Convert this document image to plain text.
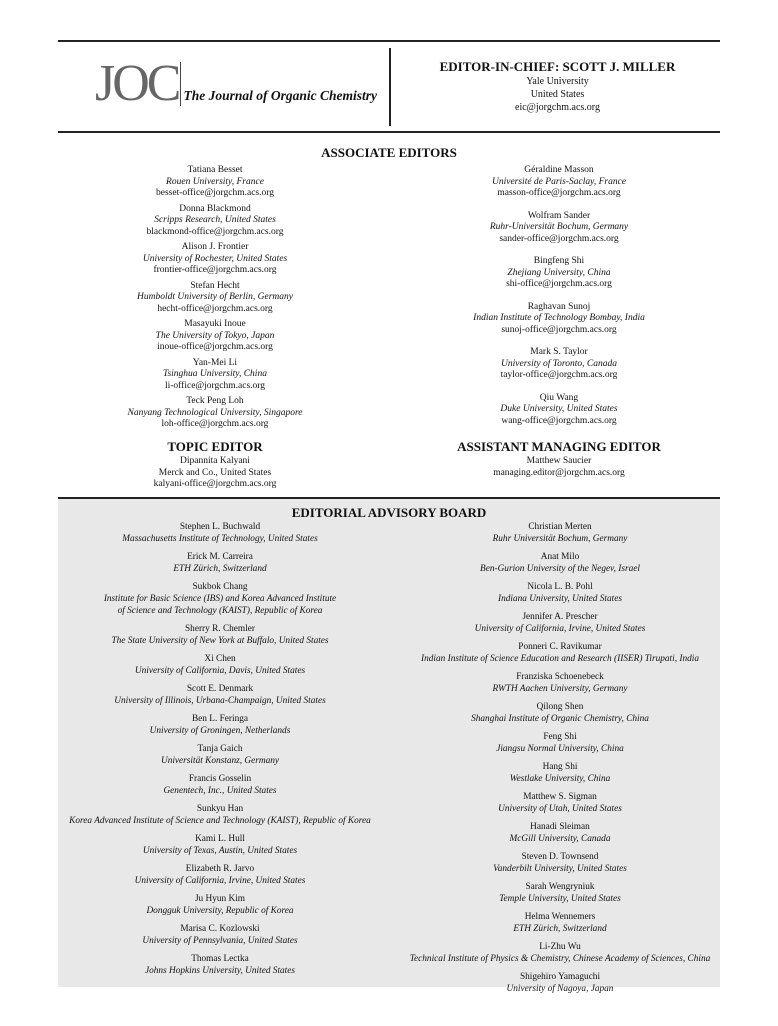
JOC The Journal of Organic Chemistry
EDITOR-IN-CHIEF: SCOTT J. MILLER
Yale University
United States
eic@jorgchm.acs.org
ASSOCIATE EDITORS
Tatiana Besset
Rouen University, France
besset-office@jorgchm.acs.org
Donna Blackmond
Scripps Research, United States
blackmond-office@jorgchm.acs.org
Alison J. Frontier
University of Rochester, United States
frontier-office@jorgchm.acs.org
Stefan Hecht
Humboldt University of Berlin, Germany
hecht-office@jorgchm.acs.org
Masayuki Inoue
The University of Tokyo, Japan
inoue-office@jorgchm.acs.org
Yan-Mei Li
Tsinghua University, China
li-office@jorgchm.acs.org
Teck Peng Loh
Nanyang Technological University, Singapore
loh-office@jorgchm.acs.org
Géraldine Masson
Université de Paris-Saclay, France
masson-office@jorgchm.acs.org
Wolfram Sander
Ruhr-Universität Bochum, Germany
sander-office@jorgchm.acs.org
Bingfeng Shi
Zhejiang University, China
shi-office@jorgchm.acs.org
Raghavan Sunoj
Indian Institute of Technology Bombay, India
sunoj-office@jorgchm.acs.org
Mark S. Taylor
University of Toronto, Canada
taylor-office@jorgchm.acs.org
Qiu Wang
Duke University, United States
wang-office@jorgchm.acs.org
TOPIC EDITOR
Dipannita Kalyani
Merck and Co., United States
kalyani-office@jorgchm.acs.org
ASSISTANT MANAGING EDITOR
Matthew Saucier
managing.editor@jorgchm.acs.org
EDITORIAL ADVISORY BOARD
Stephen L. Buchwald
Massachusetts Institute of Technology, United States
Erick M. Carreira
ETH Zürich, Switzerland
Sukbok Chang
Institute for Basic Science (IBS) and Korea Advanced Institute
of Science and Technology (KAIST), Republic of Korea
Sherry R. Chemler
The State University of New York at Buffalo, United States
Xi Chen
University of California, Davis, United States
Scott E. Denmark
University of Illinois, Urbana-Champaign, United States
Ben L. Feringa
University of Groningen, Netherlands
Tanja Gaich
Universität Konstanz, Germany
Francis Gosselin
Genentech, Inc., United States
Sunkyu Han
Korea Advanced Institute of Science and Technology (KAIST), Republic of Korea
Kami L. Hull
University of Texas, Austin, United States
Elizabeth R. Jarvo
University of California, Irvine, United States
Ju Hyun Kim
Dongguk University, Republic of Korea
Marisa C. Kozlowski
University of Pennsylvania, United States
Thomas Lectka
Johns Hopkins University, United States
Christian Merten
Ruhr Universität Bochum, Germany
Anat Milo
Ben-Gurion University of the Negev, Israel
Nicola L. B. Pohl
Indiana University, United States
Jennifer A. Prescher
University of California, Irvine, United States
Ponneri C. Ravikumar
Indian Institute of Science Education and Research (IISER) Tirupati, India
Franziska Schoenebeck
RWTH Aachen University, Germany
Qilong Shen
Shanghai Institute of Organic Chemistry, China
Feng Shi
Jiangsu Normal University, China
Hang Shi
Westlake University, China
Matthew S. Sigman
University of Utah, United States
Hanadi Sleiman
McGill University, Canada
Steven D. Townsend
Vanderbilt University, United States
Sarah Wengryniuk
Temple University, United States
Helma Wennemers
ETH Zürich, Switzerland
Li-Zhu Wu
Technical Institute of Physics & Chemistry, Chinese Academy of Sciences, China
Shigehiro Yamaguchi
University of Nagoya, Japan
